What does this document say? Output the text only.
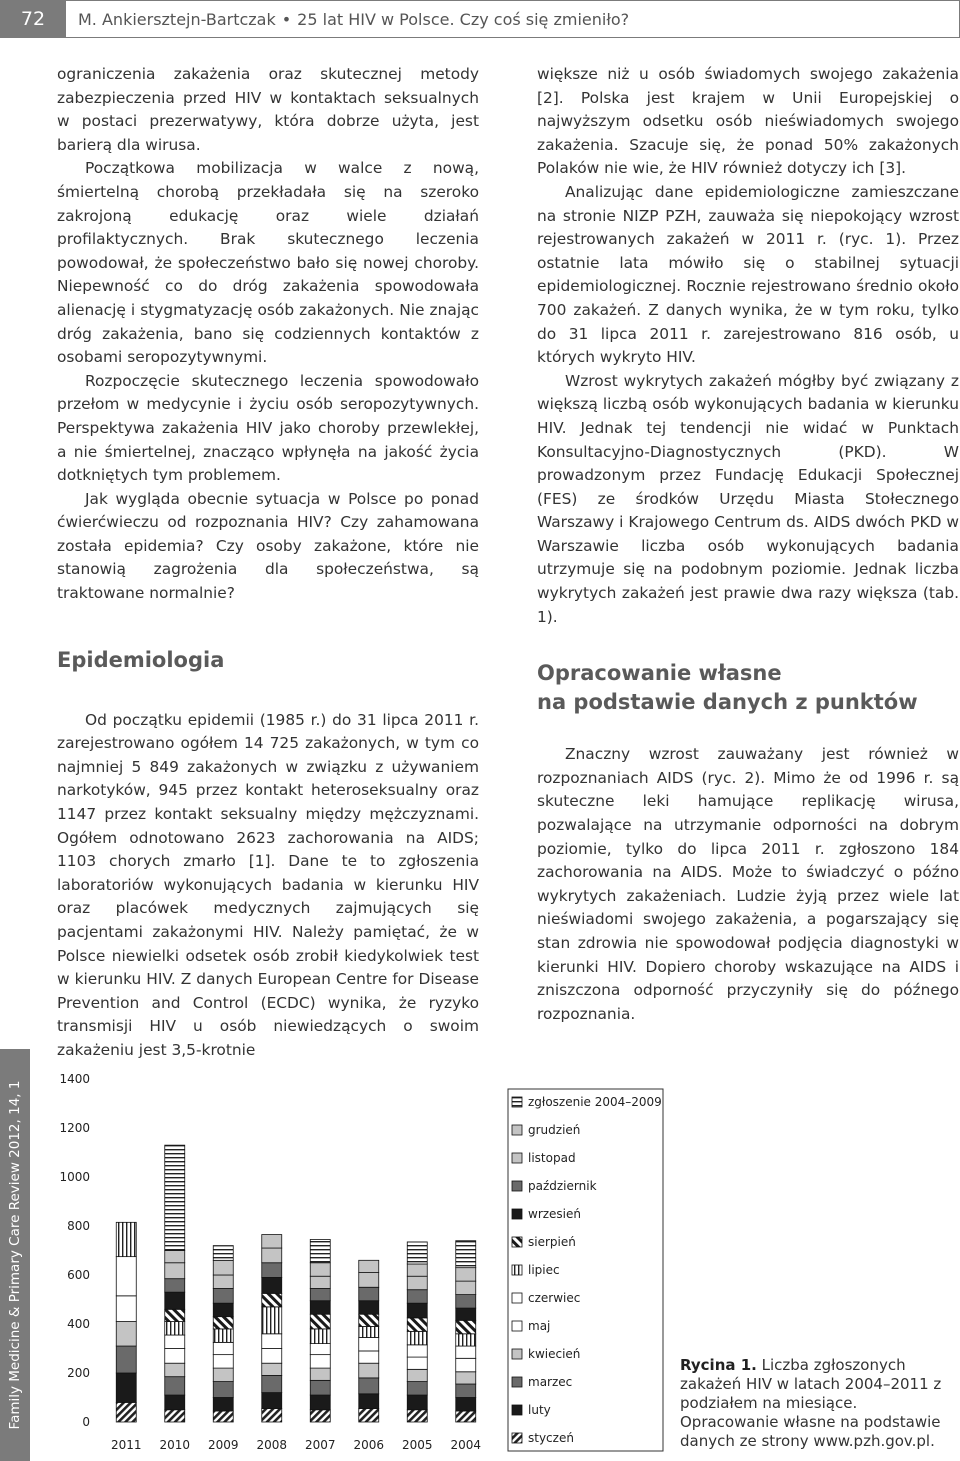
72	M. Ankiersztejn-Bartczak • 25 lat HIV w Polsce. Czy coś się zmieniło?

ograniczenia zakażenia oraz skutecznej metody zabezpieczenia przed HIV w kontaktach seksualnych w postaci prezerwatywy, która dobrze użyta, jest barierą dla wirusa.

Początkowa mobilizacja w walce z nową, śmiertelną chorobą przekładała się na szeroko zakrojoną edukację oraz wiele działań profilaktycznych. Brak skutecznego leczenia powodował, że społeczeństwo bało się nowej choroby. Niepewność co do dróg zakażenia spowodowała alienację i stygmatyzację osób zakażonych. Nie znając dróg zakażenia, bano się codziennych kontaktów z osobami seropozytywnymi.

Rozpoczęcie skutecznego leczenia spowodowało przełom w medycynie i życiu osób seropozytywnych. Perspektywa zakażenia HIV jako choroby przewlekłej, a nie śmiertelnej, znacząco wpłynęła na jakość życia dotkniętych tym problemem.

Jak wygląda obecnie sytuacja w Polsce po ponad ćwierćwieczu od rozpoznania HIV? Czy zahamowana została epidemia? Czy osoby zakażone, które nie stanowią zagrożenia dla społeczeństwa, są traktowane normalnie?

Epidemiologia

Od początku epidemii (1985 r.) do 31 lipca 2011 r. zarejestrowano ogółem 14 725 zakażonych, w tym co najmniej 5 849 zakażonych w związku z używaniem narkotyków, 945 przez kontakt heteroseksualny oraz 1147 przez kontakt seksualny między mężczyznami. Ogółem odnotowano 2623 zachorowania na AIDS; 1103 chorych zmarło [1]. Dane te to zgłoszenia laboratoriów wykonujących badania w kierunku HIV oraz placówek medycznych zajmujących się pacjentami zakażonymi HIV. Należy pamiętać, że w Polsce niewielki odsetek osób zrobił kiedykolwiek test w kierunku HIV. Z danych European Centre for Disease Prevention and Control (ECDC) wynika, że ryzyko transmisji HIV u osób niewiedzących o swoim zakażeniu jest 3,5-krotnie

większe niż u osób świadomych swojego zakażenia [2]. Polska jest krajem w Unii Europejskiej o najwyższym odsetku osób nieświadomych swojego zakażenia. Szacuje się, że ponad 50% zakażonych Polaków nie wie, że HIV również dotyczy ich [3].

Analizując dane epidemiologiczne zamieszczane na stronie NIZP PZH, zauważa się niepokojący wzrost rejestrowanych zakażeń w 2011 r. (ryc. 1). Przez ostatnie lata mówiło się o stabilnej sytuacji epidemiologicznej. Rocznie rejestrowano średnio około 700 zakażeń. Z danych wynika, że w tym roku, tylko do 31 lipca 2011 r. zarejestrowano 816 osób, u których wykryto HIV.

Wzrost wykrytych zakażeń mógłby być związany z większą liczbą osób wykonujących badania w kierunku HIV. Jednak tej tendencji nie widać w Punktach Konsultacyjno-Diagnostycznych (PKD). W prowadzonym przez Fundację Edukacji Społecznej (FES) ze środków Urzędu Miasta Stołecznego Warszawy i Krajowego Centrum ds. AIDS dwóch PKD w Warszawie liczba osób wykonujących badania utrzymuje się na podobnym poziomie. Jednak liczba wykrytych zakażeń jest prawie dwa razy większa (tab. 1).

Opracowanie własne
na podstawie danych z punktów

Znaczny wzrost zauważany jest również w rozpoznaniach AIDS (ryc. 2). Mimo że od 1996 r. są skuteczne leki hamujące replikację wirusa, pozwalające na utrzymanie odporności na dobrym poziomie, tylko do lipca 2011 r. zgłoszono 184 zachorowania na AIDS. Może to świadczyć o późno wykrytych zakażeniach. Ludzie żyją przez wiele lat nieświadomi swojego zakażenia, a pogarszający się stan zdrowia nie spowodował podjęcia diagnostyki w kierunki HIV. Dopiero choroby wskazujące na AIDS i zniszczona odporność przyczyniły się do późnego rozpoznania.

Family Medicine & Primary Care Review 2012, 14, 1	0
200
400
600
800
1000
1200
1400
2011 2010 2009 2008 2007 2006 2005 2004
zgłoszenie 2004–2009
grudzień
listopad
październik
wrzesień
sierpień
lipiec
czerwiec
maj
kwiecień
marzec
luty
styczeń
Rycina 1. Liczba zgłoszonych zakażeń HIV w latach 2004–2011 z podziałem na miesiące. Opracowanie własne na podstawie danych ze strony www.pzh.gov.pl.
